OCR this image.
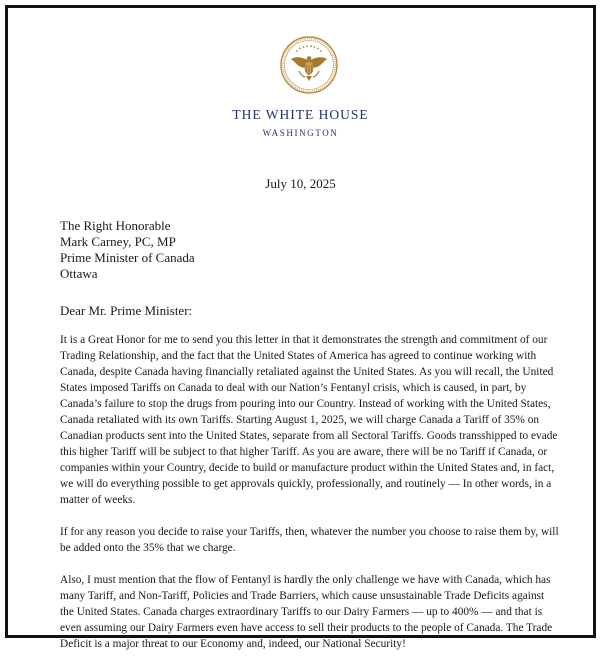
THE WHITE HOUSE
WASHINGTON
July 10, 2025
The Right Honorable
Mark Carney, PC, MP
Prime Minister of Canada
Ottawa
Dear Mr. Prime Minister:

It is a Great Honor for me to send you this letter in that it demonstrates the strength and commitment of our Trading Relationship, and the fact that the United States of America has agreed to continue working with Canada, despite Canada having financially retaliated against the United States. As you will recall, the United States imposed Tariffs on Canada to deal with our Nation’s Fentanyl crisis, which is caused, in part, by Canada’s failure to stop the drugs from pouring into our Country. Instead of working with the United States, Canada retaliated with its own Tariffs. Starting August 1, 2025, we will charge Canada a Tariff of 35% on Canadian products sent into the United States, separate from all Sectoral Tariffs. Goods transshipped to evade this higher Tariff will be subject to that higher Tariff. As you are aware, there will be no Tariff if Canada, or companies within your Country, decide to build or manufacture product within the United States and, in fact, we will do everything possible to get approvals quickly, professionally, and routinely — In other words, in a matter of weeks.

If for any reason you decide to raise your Tariffs, then, whatever the number you choose to raise them by, will be added onto the 35% that we charge.

Also, I must mention that the flow of Fentanyl is hardly the only challenge we have with Canada, which has many Tariff, and Non-Tariff, Policies and Trade Barriers, which cause unsustainable Trade Deficits against the United States. Canada charges extraordinary Tariffs to our Dairy Farmers — up to 400% — and that is even assuming our Dairy Farmers even have access to sell their products to the people of Canada. The Trade Deficit is a major threat to our Economy and, indeed, our National Security!
